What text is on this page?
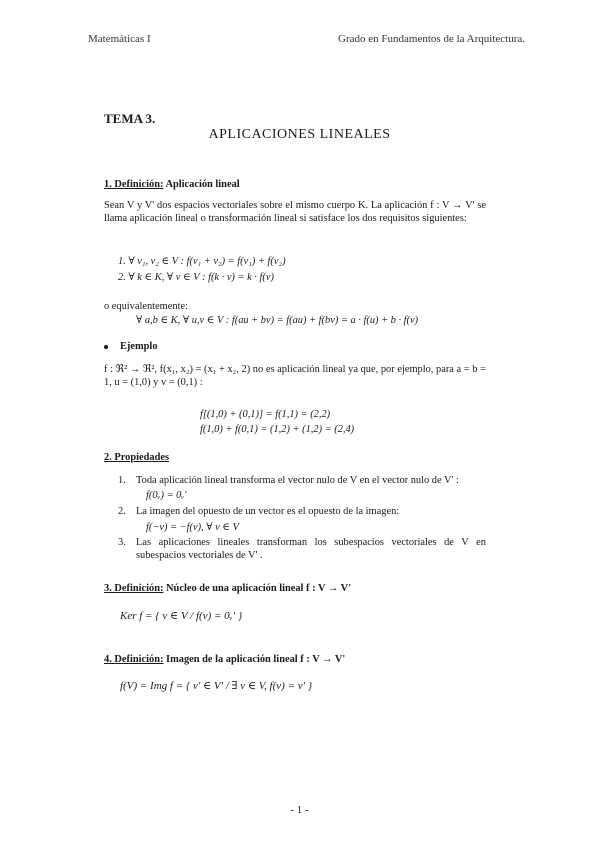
Matemáticas I	Grado en Fundamentos de la Arquitectura.
TEMA 3.
APLICACIONES LINEALES
1. Definición: Aplicación lineal
Sean V y V' dos espacios vectoriales sobre el mismo cuerpo K. La aplicación f : V → V' se llama aplicación lineal o transformación lineal si satisface los dos requisitos siguientes:
1. ∀ v₁, v₂ ∈ V : f(v₁ + v₂) = f(v₁) + f(v₂)
2. ∀ k ∈ K, ∀ v ∈ V : f(k · v) = k · f(v)
o equivalentemente:
∀ a,b ∈ K, ∀ u,v ∈ V : f(au + bv) = f(au) + f(bv) = a · f(u) + b · f(v)
Ejemplo
f : ℜ² → ℜ², f(x₁, x₂) = (x₁ + x₂, 2) no es aplicación lineal ya que, por ejemplo, para a = b = 1, u = (1,0) y v = (0,1) :
f[(1,0) + (0,1)] = f(1,1) = (2,2)
f(1,0) + f(0,1) = (1,2) + (1,2) = (2,4)
2. Propiedades
1. Toda aplicación lineal transforma el vector nulo de V en el vector nulo de V' :
f(0ᵥ) = 0ᵥ'
2. La imagen del opuesto de un vector es el opuesto de la imagen:
f(−v) = −f(v), ∀ v ∈ V
3. Las aplicaciones lineales transforman los subespacios vectoriales de V en subespacios vectoriales de V' .
3. Definición: Núcleo de una aplicación lineal f : V → V'
Ker f = { v ∈ V / f(v) = 0ᵥ' }
4. Definición: Imagen de la aplicación lineal f : V → V'
f(V) = Img f = { v' ∈ V' / ∃ v ∈ V, f(v) = v' }
- 1 -
